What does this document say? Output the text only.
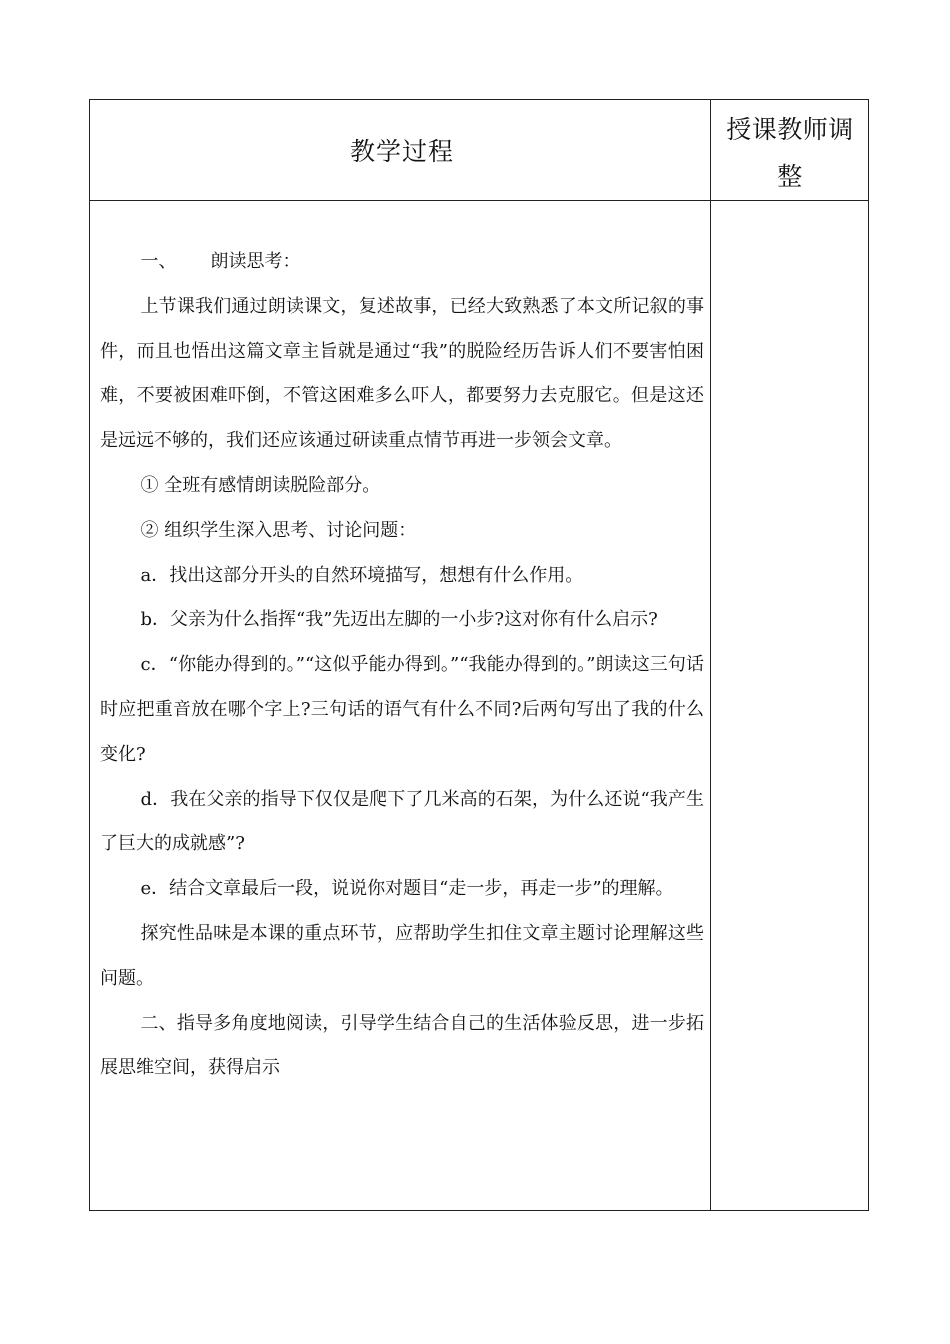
教学过程
授课教师调整

一、 朗读思考：

上节课我们通过朗读课文，复述故事，已经大致熟悉了本文所记叙的事件，而且也悟出这篇文章主旨就是通过“我”的脱险经历告诉人们不要害怕困难，不要被困难吓倒，不管这困难多么吓人，都要努力去克服它。但是这还是远远不够的，我们还应该通过研读重点情节再进一步领会文章。

① 全班有感情朗读脱险部分。

② 组织学生深入思考、讨论问题：

a．找出这部分开头的自然环境描写，想想有什么作用。

b．父亲为什么指挥“我”先迈出左脚的一小步?这对你有什么启示?

c．“你能办得到的。”“这似乎能办得到。”“我能办得到的。”朗读这三句话时应把重音放在哪个字上?三句话的语气有什么不同?后两句写出了我的什么变化?

d．我在父亲的指导下仅仅是爬下了几米高的石架，为什么还说“我产生了巨大的成就感”?

e．结合文章最后一段，说说你对题目“走一步，再走一步”的理解。

探究性品味是本课的重点环节，应帮助学生扣住文章主题讨论理解这些问题。

二、指导多角度地阅读，引导学生结合自己的生活体验反思，进一步拓展思维空间，获得启示
